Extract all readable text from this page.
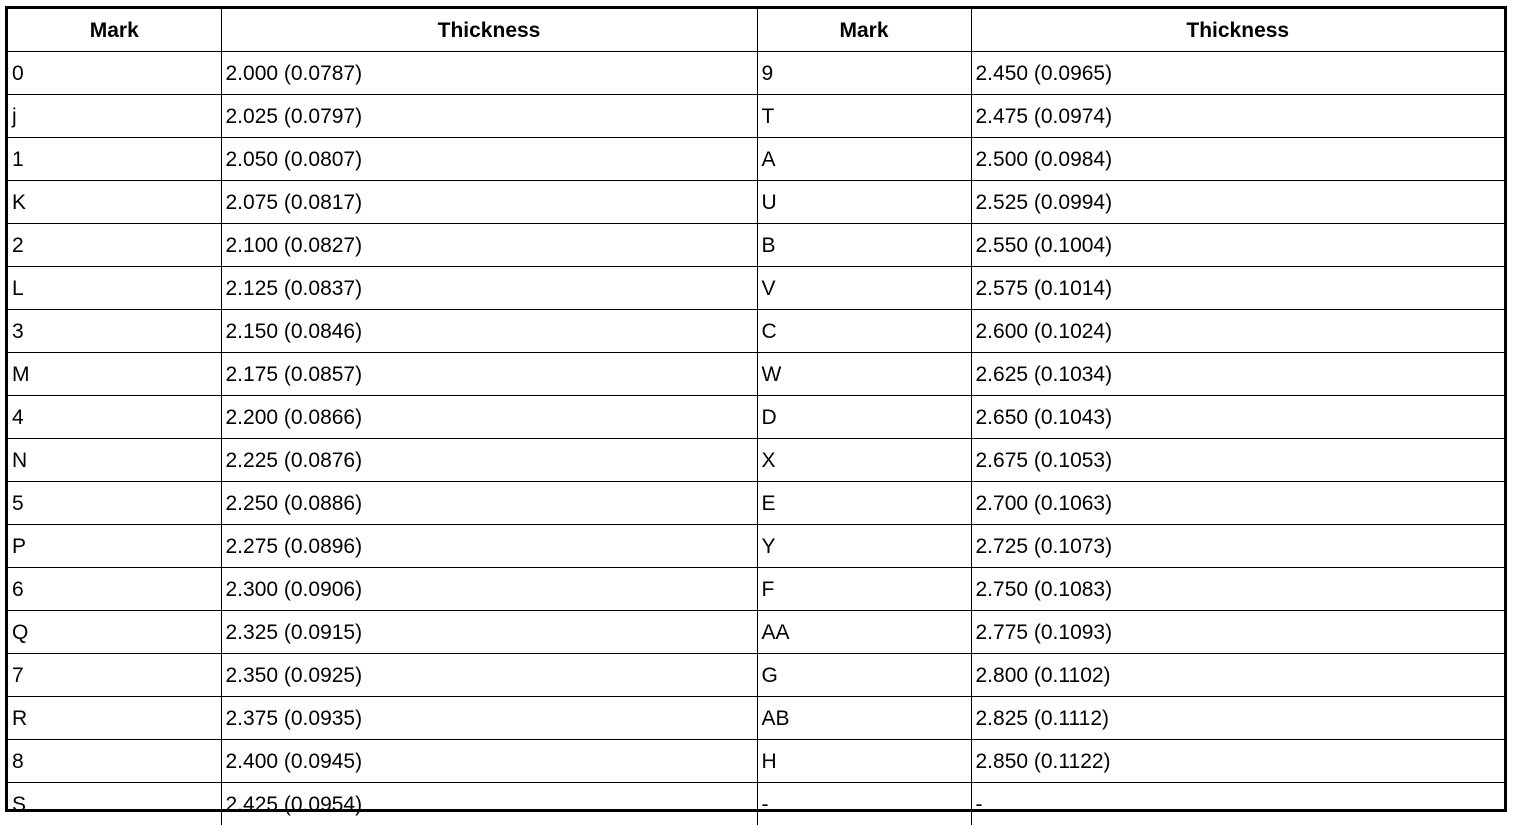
Mark	Thickness	Mark	Thickness
0	2.000 (0.0787)	9	2.450 (0.0965)
j	2.025 (0.0797)	T	2.475 (0.0974)
1	2.050 (0.0807)	A	2.500 (0.0984)
K	2.075 (0.0817)	U	2.525 (0.0994)
2	2.100 (0.0827)	B	2.550 (0.1004)
L	2.125 (0.0837)	V	2.575 (0.1014)
3	2.150 (0.0846)	C	2.600 (0.1024)
M	2.175 (0.0857)	W	2.625 (0.1034)
4	2.200 (0.0866)	D	2.650 (0.1043)
N	2.225 (0.0876)	X	2.675 (0.1053)
5	2.250 (0.0886)	E	2.700 (0.1063)
P	2.275 (0.0896)	Y	2.725 (0.1073)
6	2.300 (0.0906)	F	2.750 (0.1083)
Q	2.325 (0.0915)	AA	2.775 (0.1093)
7	2.350 (0.0925)	G	2.800 (0.1102)
R	2.375 (0.0935)	AB	2.825 (0.1112)
8	2.400 (0.0945)	H	2.850 (0.1122)
S	2.425 (0.0954)	-	-
